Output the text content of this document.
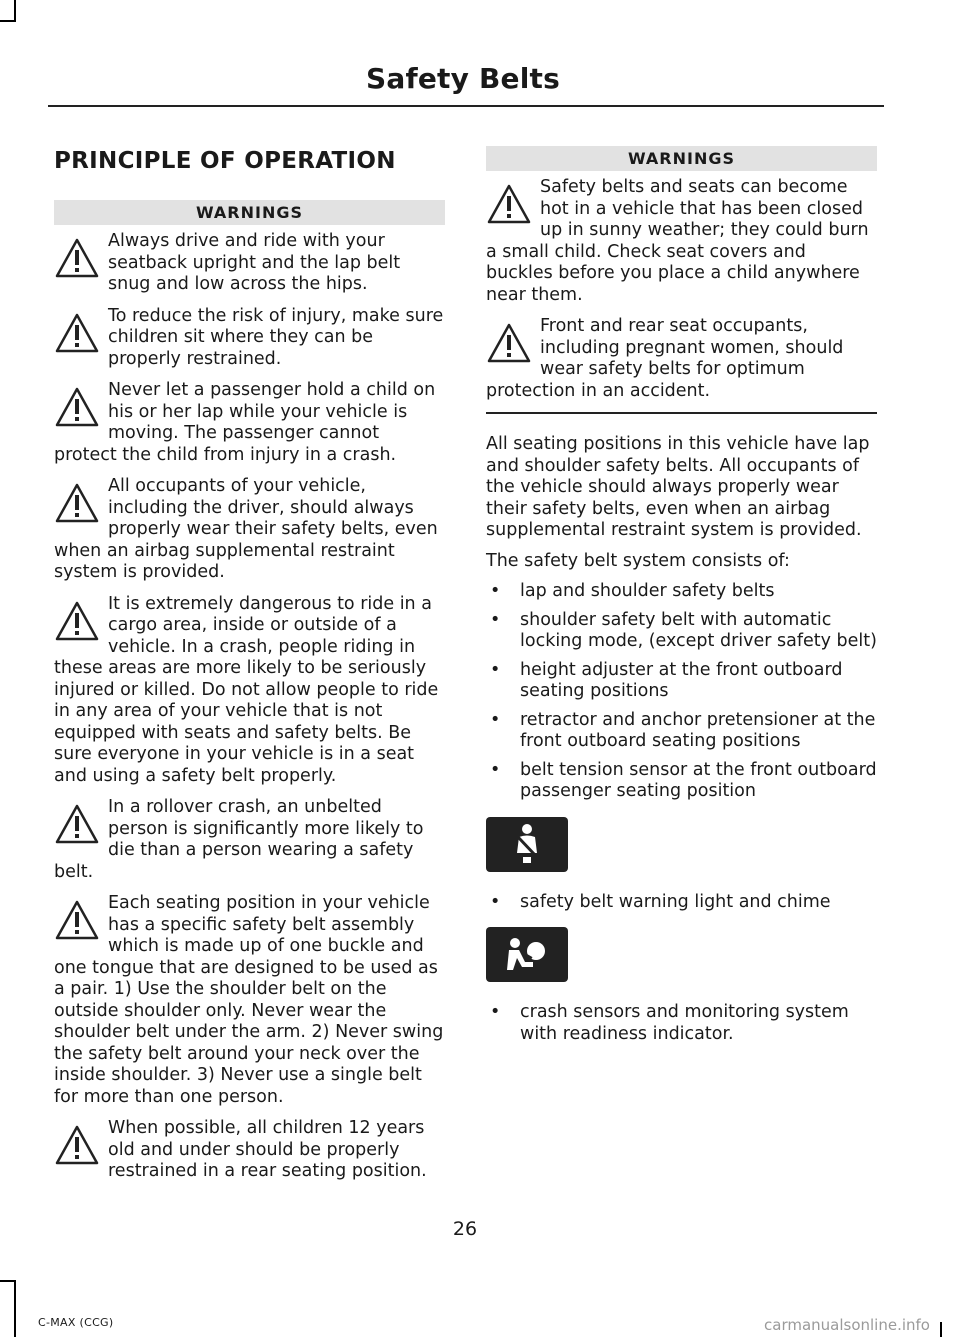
Safety Belts
PRINCIPLE OF OPERATION
WARNINGS
Always drive and ride with your seatback upright and the lap belt snug and low across the hips.
To reduce the risk of injury, make sure children sit where they can be properly restrained.
Never let a passenger hold a child on his or her lap while your vehicle is moving. The passenger cannot protect the child from injury in a crash.
All occupants of your vehicle, including the driver, should always properly wear their safety belts, even when an airbag supplemental restraint system is provided.
It is extremely dangerous to ride in a cargo area, inside or outside of a vehicle. In a crash, people riding in these areas are more likely to be seriously injured or killed. Do not allow people to ride in any area of your vehicle that is not equipped with seats and safety belts. Be sure everyone in your vehicle is in a seat and using a safety belt properly.
In a rollover crash, an unbelted person is significantly more likely to die than a person wearing a safety belt.
Each seating position in your vehicle has a specific safety belt assembly which is made up of one buckle and one tongue that are designed to be used as a pair. 1) Use the shoulder belt on the outside shoulder only. Never wear the shoulder belt under the arm. 2) Never swing the safety belt around your neck over the inside shoulder. 3) Never use a single belt for more than one person.
When possible, all children 12 years old and under should be properly restrained in a rear seating position.
WARNINGS
Safety belts and seats can become hot in a vehicle that has been closed up in sunny weather; they could burn a small child. Check seat covers and buckles before you place a child anywhere near them.
Front and rear seat occupants, including pregnant women, should wear safety belts for optimum protection in an accident.

All seating positions in this vehicle have lap and shoulder safety belts. All occupants of the vehicle should always properly wear their safety belts, even when an airbag supplemental restraint system is provided.

The safety belt system consists of:

• lap and shoulder safety belts
• shoulder safety belt with automatic locking mode, (except driver safety belt)
• height adjuster at the front outboard seating positions
• retractor and anchor pretensioner at the front outboard seating positions
• belt tension sensor at the front outboard passenger seating position
• safety belt warning light and chime
• crash sensors and monitoring system with readiness indicator.
26
C-MAX (CCG)	carmanualsonline.info
